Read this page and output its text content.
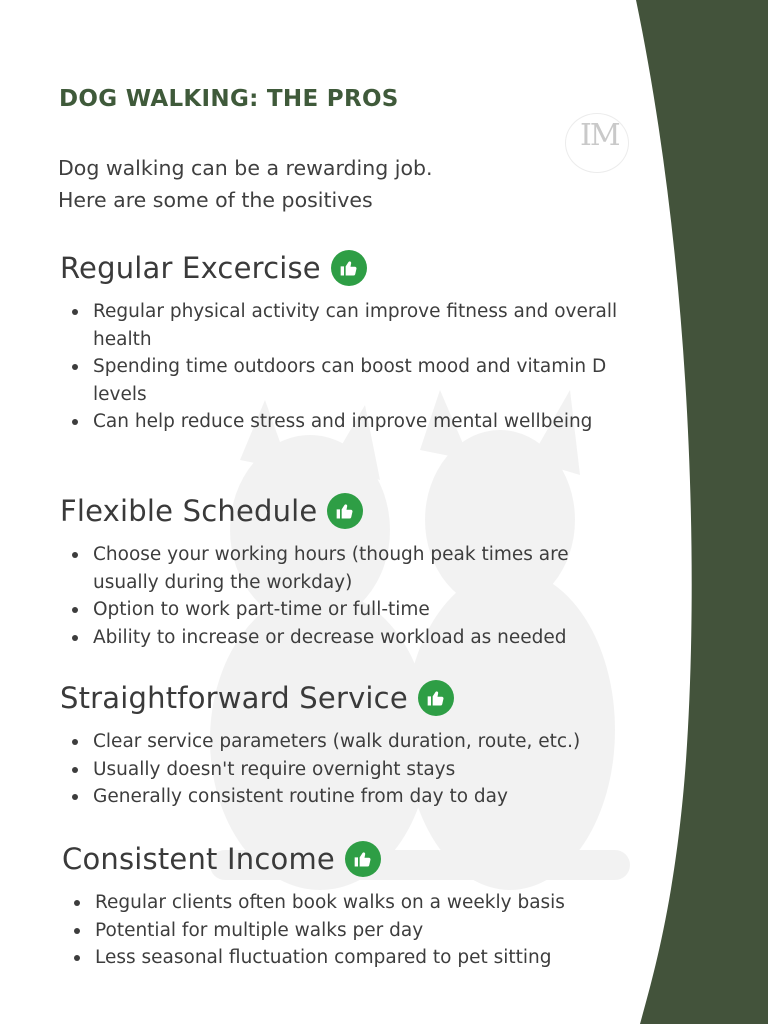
IM
DOG WALKING: THE PROS
Dog walking can be a rewarding job. Here are some of the positives
Regular Excercise
Regular physical activity can improve fitness and overall health
Spending time outdoors can boost mood and vitamin D levels
Can help reduce stress and improve mental wellbeing
Flexible Schedule
Choose your working hours (though peak times are usually during the workday)
Option to work part-time or full-time
Ability to increase or decrease workload as needed
Straightforward Service
Clear service parameters (walk duration, route, etc.)
Usually doesn't require overnight stays
Generally consistent routine from day to day
Consistent Income
Regular clients often book walks on a weekly basis
Potential for multiple walks per day
Less seasonal fluctuation compared to pet sitting
